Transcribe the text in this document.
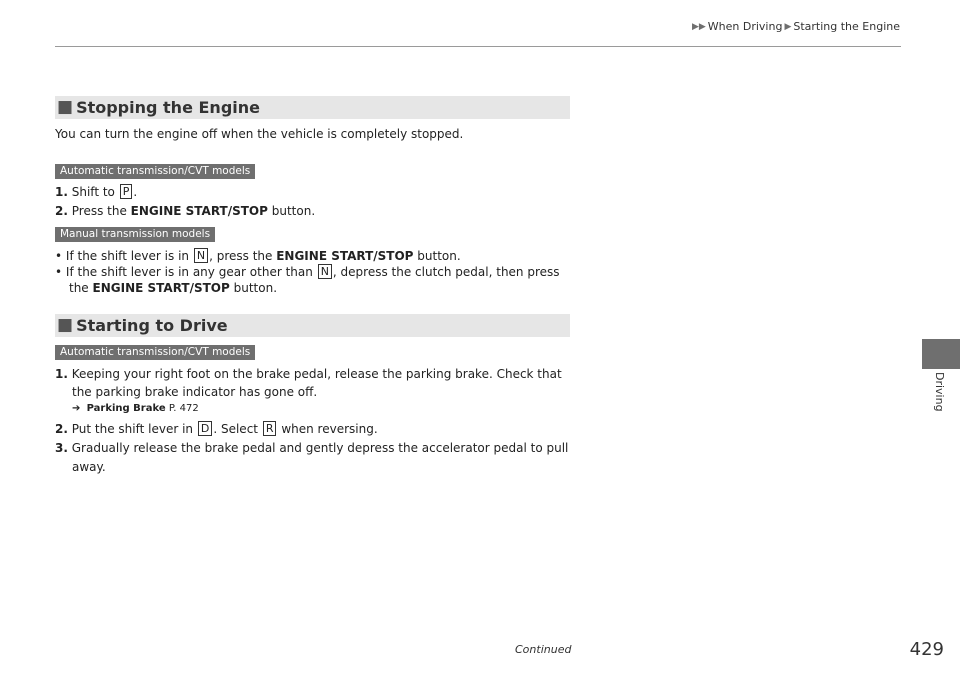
▶▶ When Driving ▶ Starting the Engine
Driving
■ Stopping the Engine
You can turn the engine off when the vehicle is completely stopped.
Automatic transmission/CVT models
1. Shift to P .
2. Press the ENGINE START/STOP button.
Manual transmission models
• If the shift lever is in N , press the ENGINE START/STOP button.
• If the shift lever is in any gear other than N , depress the clutch pedal, then press
the ENGINE START/STOP button.
■ Starting to Drive
Automatic transmission/CVT models
1. Keeping your right foot on the brake pedal, release the parking brake. Check that
the parking brake indicator has gone off.
➔ Parking Brake P. 472
2. Put the shift lever in D . Select R when reversing.
3. Gradually release the brake pedal and gently depress the accelerator pedal to pull
away.
Continued	429
